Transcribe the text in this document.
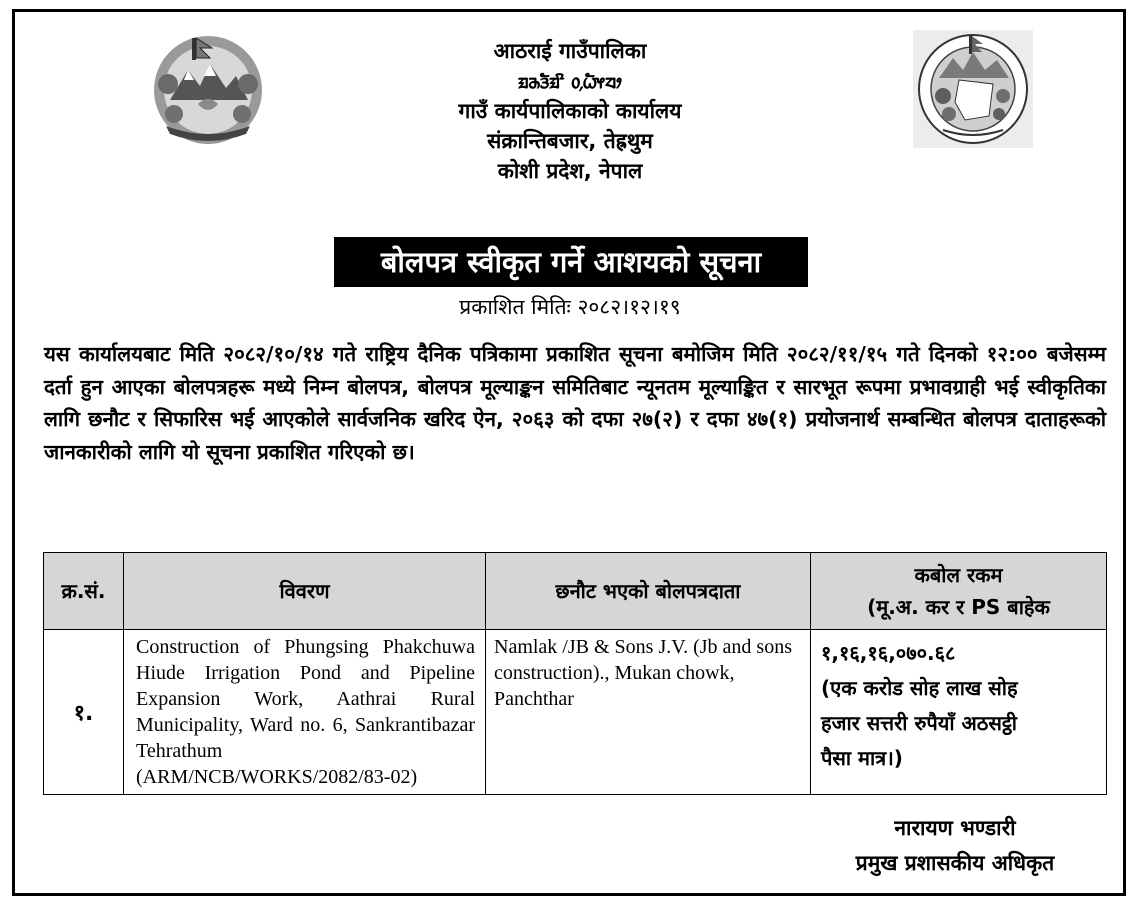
आठराई गाउँपालिका
ᤀᤌᤋᤠᤀᤡ ᥆᤹ᤐᤠᤶᤔᤣ
गाउँ कार्यपालिकाको कार्यालय
संक्रान्तिबजार, तेह्रथुम
कोशी प्रदेश, नेपाल
बोलपत्र स्वीकृत गर्ने आशयको सूचना
प्रकाशित मितिः २०८२।१२।१९
यस कार्यालयबाट मिति २०८२/१०/१४ गते राष्ट्रिय दैनिक पत्रिकामा प्रकाशित सूचना बमोजिम मिति २०८२/११/१५ गते दिनको १२:०० बजेसम्म दर्ता हुन आएका बोलपत्रहरू मध्ये निम्न बोलपत्र, बोलपत्र मूल्याङ्कन समितिबाट न्यूनतम मूल्याङ्कित र सारभूत रूपमा प्रभावग्राही भई स्वीकृतिका लागि छनौट र सिफारिस भई आएकोले सार्वजनिक खरिद ऐन, २०६३ को दफा २७(२) र दफा ४७(१) प्रयोजनार्थ सम्बन्धित बोलपत्र दाताहरूको जानकारीको लागि यो सूचना प्रकाशित गरिएको छ।
क्र.सं.	विवरण	छनौट भएको बोलपत्रदाता	कबोल रकम
(मू.अ. कर र PS बाहेक

१.	Construction of Phungsing Phakchuwa Hiude Irrigation Pond and Pipeline Expansion Work, Aathrai Rural Municipality, Ward no. 6, Sankrantibazar Tehrathum (ARM/NCB/WORKS/2082/83-02)	Namlak /JB & Sons J.V. (Jb and sons construction)., Mukan chowk, Panchthar	१,१६,१६,०७०.६८
(एक करोड सोह लाख सोह
हजार सत्तरी रुपैयाँ अठसट्ठी
पैसा मात्र।)
नारायण भण्डारी
प्रमुख प्रशासकीय अधिकृत
